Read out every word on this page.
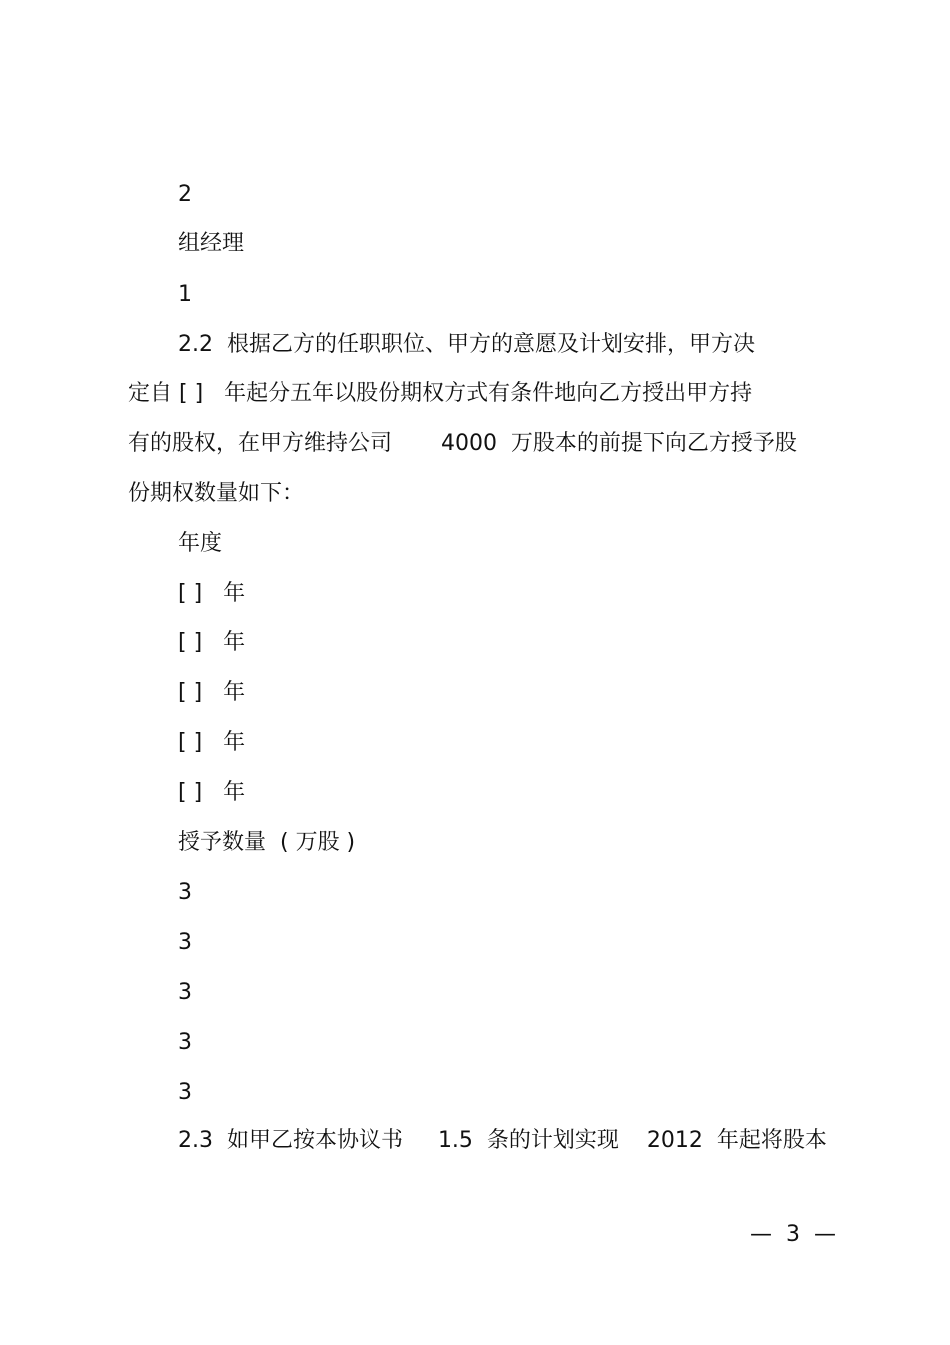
2
组经理
1
2.2  根据乙方的任职职位、甲方的意愿及计划安排，甲方决
定自 [ ]   年起分五年以股份期权方式有条件地向乙方授出甲方持
有的股权，在甲方维持公司       4000  万股本的前提下向乙方授予股
份期权数量如下：
年度
[ ]   年
[ ]   年
[ ]   年
[ ]   年
[ ]   年
授予数量  ( 万股 )
3
3
3
3
3
2.3  如甲乙按本协议书     1.5  条的计划实现    2012  年起将股本
—  3  —
